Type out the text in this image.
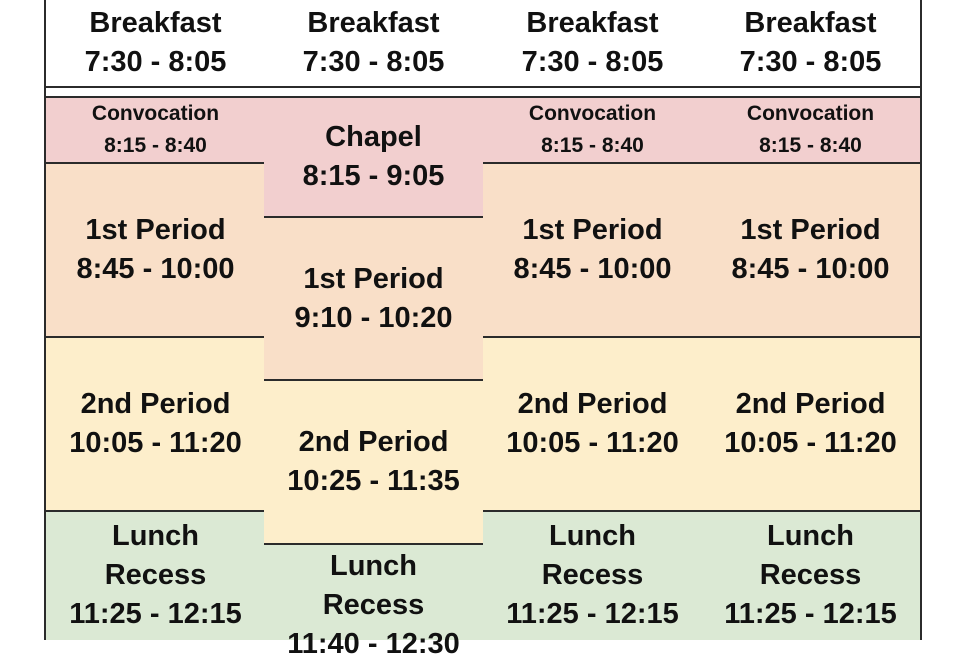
Breakfast
7:30 - 8:05
Convocation
8:15 - 8:40
1st Period
8:45 - 10:00
2nd Period
10:05 - 11:20
Lunch
Recess
11:25 - 12:15
Breakfast
7:30 - 8:05
Chapel
8:15 - 9:05
1st Period
9:10 - 10:20
2nd Period
10:25 - 11:35
Lunch
Recess
11:40 - 12:30
Breakfast
7:30 - 8:05
Convocation
8:15 - 8:40
1st Period
8:45 - 10:00
2nd Period
10:05 - 11:20
Lunch
Recess
11:25 - 12:15
Breakfast
7:30 - 8:05
Convocation
8:15 - 8:40
1st Period
8:45 - 10:00
2nd Period
10:05 - 11:20
Lunch
Recess
11:25 - 12:15
